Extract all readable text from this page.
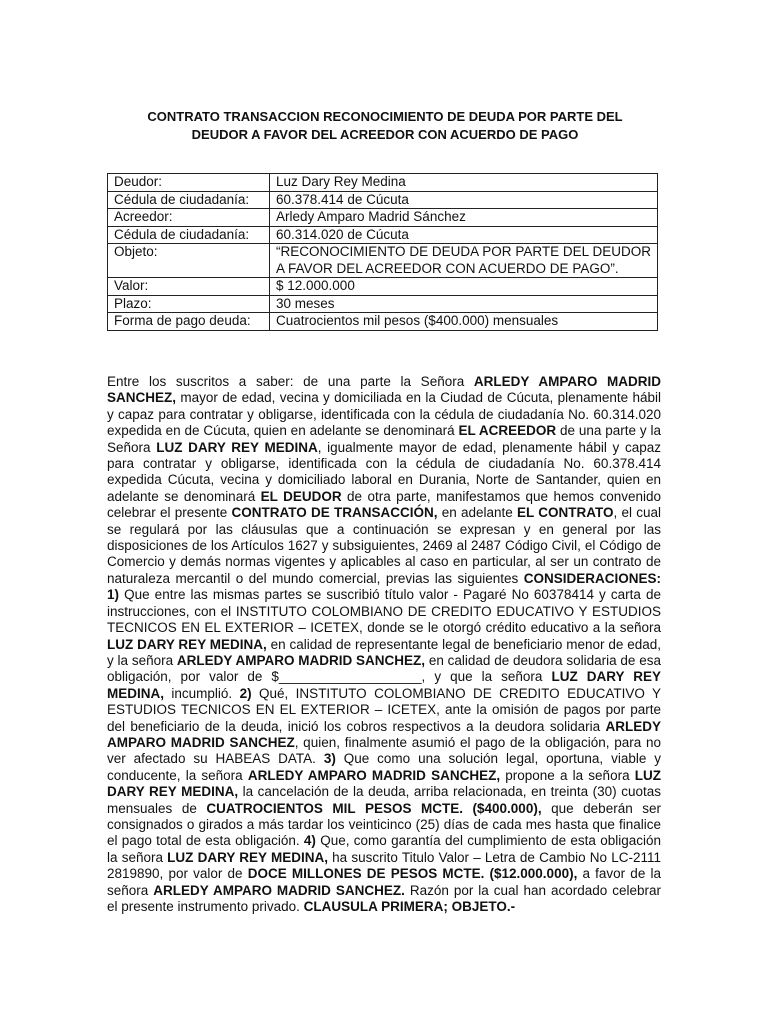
CONTRATO TRANSACCION RECONOCIMIENTO DE DEUDA POR PARTE DEL
DEUDOR A FAVOR DEL ACREEDOR CON ACUERDO DE PAGO
Deudor:	Luz Dary Rey Medina
Cédula de ciudadanía:	60.378.414 de Cúcuta
Acreedor:	Arledy Amparo Madrid Sánchez
Cédula de ciudadanía:	60.314.020 de Cúcuta
Objeto:	“RECONOCIMIENTO DE DEUDA POR PARTE DEL DEUDOR A FAVOR DEL ACREEDOR CON ACUERDO DE PAGO”.
Valor:	$ 12.000.000
Plazo:	30 meses
Forma de pago deuda:	Cuatrocientos mil pesos ($400.000) mensuales
Entre los suscritos a saber: de una parte la Señora ARLEDY AMPARO MADRID SANCHEZ, mayor de edad, vecina y domiciliada en la Ciudad de Cúcuta, plenamente hábil y capaz para contratar y obligarse, identificada con la cédula de ciudadanía No. 60.314.020 expedida en de Cúcuta, quien en adelante se denominará EL ACREEDOR de una parte y la Señora LUZ DARY REY MEDINA, igualmente mayor de edad, plenamente hábil y capaz para contratar y obligarse, identificada con la cédula de ciudadanía No. 60.378.414 expedida Cúcuta, vecina y domiciliado laboral en Durania, Norte de Santander, quien en adelante se denominará EL DEUDOR de otra parte, manifestamos que hemos convenido celebrar el presente CONTRATO DE TRANSACCIÓN, en adelante EL CONTRATO, el cual se regulará por las cláusulas que a continuación se expresan y en general por las disposiciones de los Artículos 1627 y subsiguientes, 2469 al 2487 Código Civil, el Código de Comercio y demás normas vigentes y aplicables al caso en particular, al ser un contrato de naturaleza mercantil o del mundo comercial, previas las siguientes CONSIDERACIONES: 1) Que entre las mismas partes se suscribió título valor - Pagaré No 60378414 y carta de instrucciones, con el INSTITUTO COLOMBIANO DE CREDITO EDUCATIVO Y ESTUDIOS TECNICOS EN EL EXTERIOR – ICETEX, donde se le otorgó crédito educativo a la señora LUZ DARY REY MEDINA, en calidad de representante legal de beneficiario menor de edad, y la señora ARLEDY AMPARO MADRID SANCHEZ, en calidad de deudora solidaria de esa obligación, por valor de $___________________, y que la señora LUZ DARY REY MEDINA, incumplió. 2) Qué, INSTITUTO COLOMBIANO DE CREDITO EDUCATIVO Y ESTUDIOS TECNICOS EN EL EXTERIOR – ICETEX, ante la omisión de pagos por parte del beneficiario de la deuda, inició los cobros respectivos a la deudora solidaria ARLEDY AMPARO MADRID SANCHEZ, quien, finalmente asumió el pago de la obligación, para no ver afectado su HABEAS DATA. 3) Que como una solución legal, oportuna, viable y conducente, la señora ARLEDY AMPARO MADRID SANCHEZ, propone a la señora LUZ DARY REY MEDINA, la cancelación de la deuda, arriba relacionada, en treinta (30) cuotas mensuales de CUATROCIENTOS MIL PESOS MCTE. ($400.000), que deberán ser consignados o girados a más tardar los veinticinco (25) días de cada mes hasta que finalice el pago total de esta obligación. 4) Que, como garantía del cumplimiento de esta obligación la señora LUZ DARY REY MEDINA, ha suscrito Titulo Valor – Letra de Cambio No LC-2111 2819890, por valor de DOCE MILLONES DE PESOS MCTE. ($12.000.000), a favor de la señora ARLEDY AMPARO MADRID SANCHEZ. Razón por la cual han acordado celebrar el presente instrumento privado. CLAUSULA PRIMERA; OBJETO.-
